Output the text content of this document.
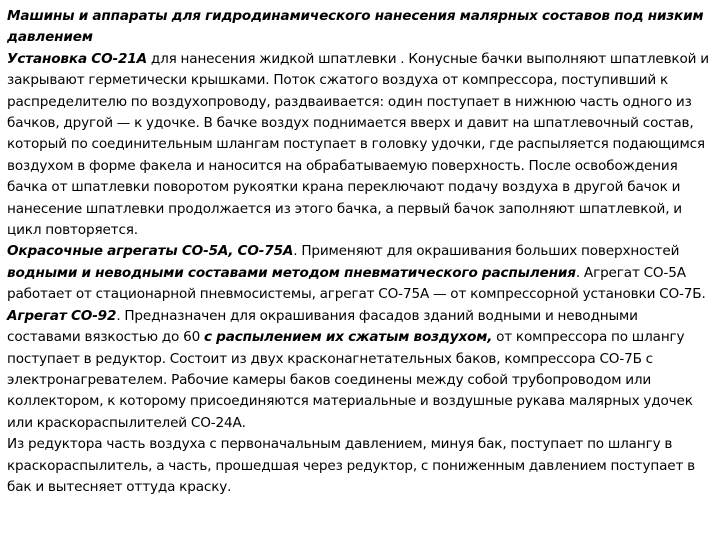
Машины и аппараты для гидродинамического нанесения малярных составов под низким давлением

Установка СО-21А для нанесения жидкой шпатлевки . Конусные бачки выполняют шпатлевкой и закрывают герметически крышками. Поток сжатого воздуха от компрессора, поступивший к распределителю по воздухопроводу, раздваивается: один поступает в нижнюю часть одного из бачков, другой — к удочке. В бачке воздух поднимается вверх и давит на шпатлевочный состав, который по соединительным шлангам поступает в головку удочки, где распыляется подающимся воздухом в форме факела и наносится на обрабатываемую поверхность. После освобождения бачка от шпатлевки поворотом рукоятки крана переключают подачу воздуха в другой бачок и нанесение шпатлевки продолжается из этого бачка, а первый бачок заполняют шпатлевкой, и цикл повторяется.

Окрасочные агрегаты СО-5А, СО-75А. Применяют для окрашивания больших поверхностей водными и неводными составами методом пневматического распыления. Агрегат СО-5А работает от стационарной пневмосистемы, агрегат СО-75А — от компрессорной установки СО-7Б.

Агрегат СО-92. Предназначен для окрашивания фасадов зданий водными и неводными составами вязкостью до 60 с распылением их сжатым воздухом, от компрессора по шлангу поступает в редуктор. Состоит из двух красконагнетательных баков, компрессора СО-7Б с электронагревателем. Рабочие камеры баков соединены между собой трубопроводом или коллектором, к которому присоединяются материальные и воздушные рукава малярных удочек или краскораспылителей СО-24А.

Из редуктора часть воздуха с первоначальным давлением, минуя бак, поступает по шлангу в краскораспылитель, а часть, прошедшая через редуктор, с пониженным давлением поступает в бак и вытесняет оттуда краску.
